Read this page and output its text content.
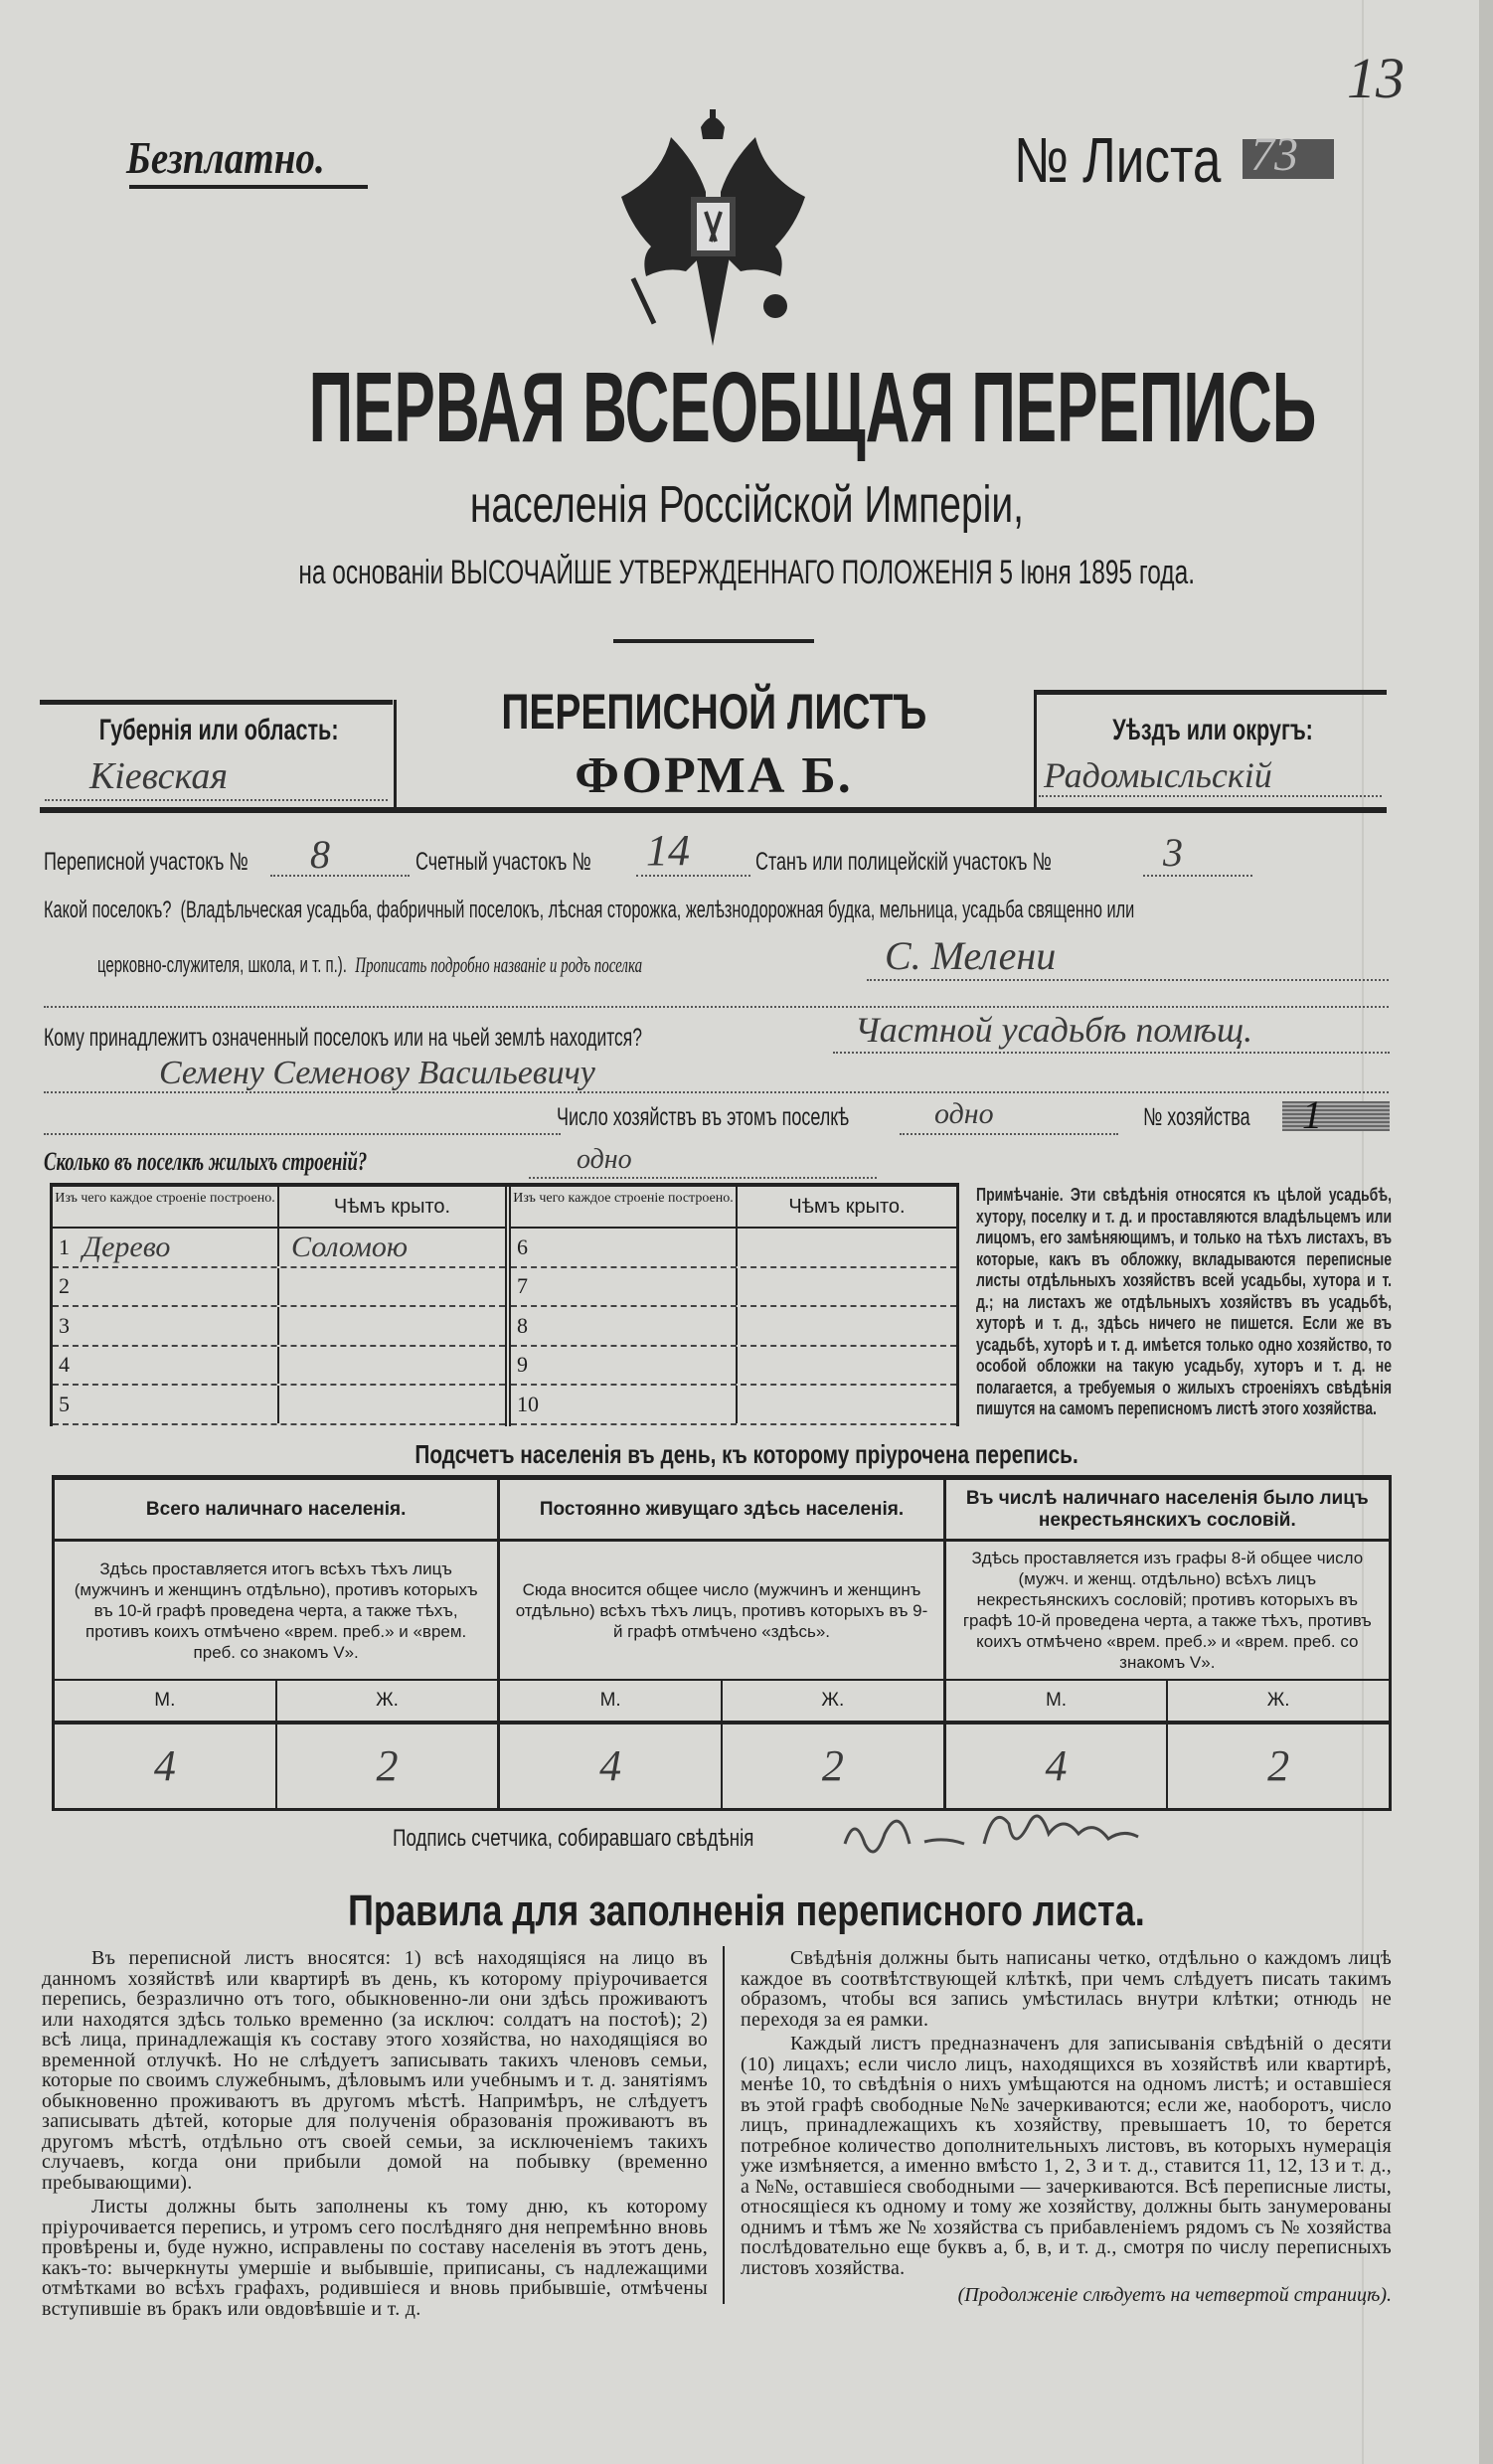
13
Безплатно.	№ Листа 73
ПЕРВАЯ ВСЕОБЩАЯ ПЕРЕПИСЬ
населенія Россійской Имперіи,
на основаніи ВЫСОЧАЙШЕ УТВЕРЖДЕННАГО ПОЛОЖЕНІЯ 5 Іюня 1895 года.
Губернія или область:
Кіевская
ПЕРЕПИСНОЙ ЛИСТЪ
ФОРМА Б.
Уѣздъ или округъ:
Радомысльскій
Переписной участокъ №	8	Счетный участокъ №	14	Станъ или полицейскій участокъ №	3
Какой поселокъ? (Владѣльческая усадьба, фабричный поселокъ, лѣсная сторожка, желѣзнодорожная будка, мельница, усадьба священно или
церковно-служителя, школа, и т. п.). Прописать подробно названіе и родъ поселка	С. Мелени
Кому принадлежитъ означенный поселокъ или на чьей землѣ находится?	Частной усадьбѣ помѣщ.
Семену Семенову Васильевичу
Число хозяйствъ въ этомъ поселкѣ	одно	№ хозяйства	1
Сколько въ поселкѣ жилыхъ строеній?	одно
Изъ чего каждое строеніе построено.	Чѣмъ крыто.
1 Дерево	Соломою
2
3
4
5
Изъ чего каждое строеніе построено.	Чѣмъ крыто.
6
7
8
9
10
Примѣчаніе. Эти свѣдѣнія относятся къ цѣлой усадьбѣ, хутору, поселку и т. д. и проставляются владѣльцемъ или лицомъ, его замѣняющимъ, и только на тѣхъ листахъ, въ которые, какъ въ обложку, вкладываются переписные листы отдѣльныхъ хозяйствъ всей усадьбы, хутора и т. д.; на листахъ же отдѣльныхъ хозяйствъ въ усадьбѣ, хуторѣ и т. д., здѣсь ничего не пишется. Если же въ усадьбѣ, хуторѣ и т. д. имѣется только одно хозяйство, то особой обложки на такую усадьбу, хуторъ и т. д. не полагается, а требуемыя о жилыхъ строеніяхъ свѣдѣнія пишутся на самомъ переписномъ листѣ этого хозяйства.
Подсчетъ населенія въ день, къ которому пріурочена перепись.
Всего наличнаго населенія.
Здѣсь проставляется итогъ всѣхъ тѣхъ лицъ (мужчинъ и женщинъ отдѣльно), противъ которыхъ въ 10-й графѣ проведена черта, а также тѣхъ, противъ коихъ отмѣчено «врем. преб.» и «врем. преб. со знакомъ V».
М.	Ж.
4	2
Постоянно живущаго здѣсь населенія.
Сюда вносится общее число (мужчинъ и женщинъ отдѣльно) всѣхъ тѣхъ лицъ, противъ которыхъ въ 9-й графѣ отмѣчено «здѣсь».
М.	Ж.
4	2
Въ числѣ наличнаго населенія было лицъ некрестьянскихъ сословій.
Здѣсь проставляется изъ графы 8-й общее число (мужч. и женщ. отдѣльно) всѣхъ лицъ некрестьянскихъ сословій; противъ которыхъ въ графѣ 10-й проведена черта, а также тѣхъ, противъ коихъ отмѣчено «врем. преб.» и «врем. преб. со знакомъ V».
М.	Ж.
4	2
Подпись счетчика, собиравшаго свѣдѣнія
Правила для заполненія переписного листа.

Въ переписной листъ вносятся: 1) всѣ находящіяся на лицо въ данномъ хозяйствѣ или квартирѣ въ день, къ которому пріурочивается перепись, безразлично отъ того, обыкновенно-ли они здѣсь проживаютъ или находятся здѣсь только временно (за исключ: солдатъ на постоѣ); 2) всѣ лица, принадлежащія къ составу этого хозяйства, но находящіяся во временной отлучкѣ. Но не слѣдуетъ записывать такихъ членовъ семьи, которые по своимъ служебнымъ, дѣловымъ или учебнымъ и т. д. занятіямъ обыкновенно проживаютъ въ другомъ мѣстѣ. Напримѣръ, не слѣдуетъ записывать дѣтей, которые для полученія образованія проживаютъ въ другомъ мѣстѣ, отдѣльно отъ своей семьи, за исключеніемъ такихъ случаевъ, когда они прибыли домой на побывку (временно пребывающими).

Листы должны быть заполнены къ тому дню, къ которому пріурочивается перепись, и утромъ сего послѣдняго дня непремѣнно вновь провѣрены и, буде нужно, исправлены по составу населенія въ этотъ день, какъ-то: вычеркнуты умершіе и выбывшіе, приписаны, съ надлежащими отмѣтками во всѣхъ графахъ, родившіеся и вновь прибывшіе, отмѣчены вступившіе въ бракъ или овдовѣвшіе и т. д.

Свѣдѣнія должны быть написаны четко, отдѣльно о каждомъ лицѣ каждое въ соотвѣтствующей клѣткѣ, при чемъ слѣдуетъ писать такимъ образомъ, чтобы вся запись умѣстилась внутри клѣтки; отнюдь не переходя за ея рамки.

Каждый листъ предназначенъ для записыванія свѣдѣній о десяти (10) лицахъ; если число лицъ, находящихся въ хозяйствѣ или квартирѣ, менѣе 10, то свѣдѣнія о нихъ умѣщаются на одномъ листѣ; и оставшіеся въ этой графѣ свободные №№ зачеркиваются; если же, наоборотъ, число лицъ, принадлежащихъ къ хозяйству, превышаетъ 10, то берется потребное количество дополнительныхъ листовъ, въ которыхъ нумерація уже измѣняется, а именно вмѣсто 1, 2, 3 и т. д., ставится 11, 12, 13 и т. д., а №№, оставшіеся свободными — зачеркиваются. Всѣ переписные листы, относящіеся къ одному и тому же хозяйству, должны быть занумерованы однимъ и тѣмъ же № хозяйства съ прибавленіемъ рядомъ съ № хозяйства послѣдовательно еще буквъ а, б, в, и т. д., смотря по числу переписныхъ листовъ хозяйства.

(Продолженіе слѣдуетъ на четвертой страницѣ).
